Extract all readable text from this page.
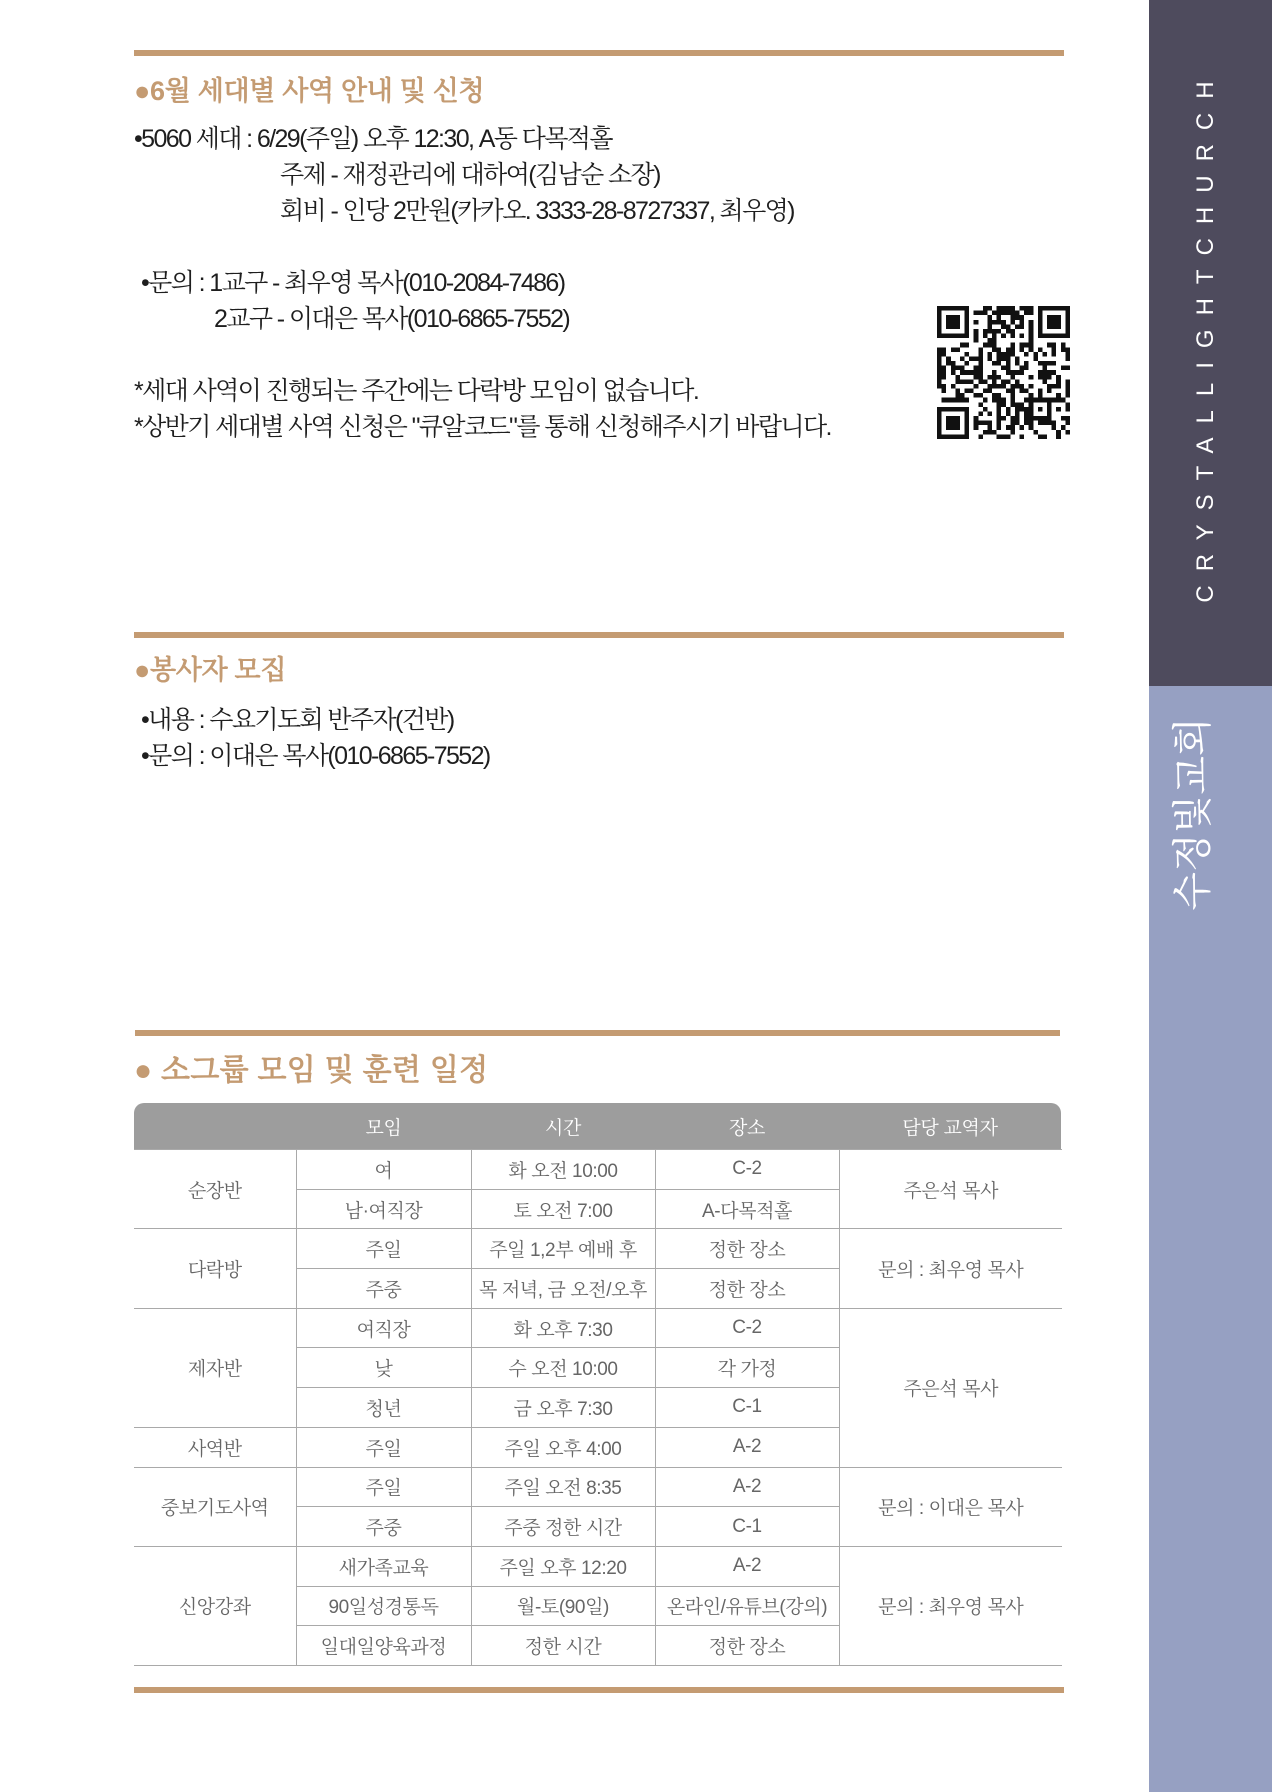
●6월 세대별 사역 안내 및 신청
•5060 세대 : 6/29(주일) 오후 12:30, A동 다목적홀
주제 - 재정관리에 대하여(김남순 소장)
회비 - 인당 2만원(카카오. 3333-28-8727337, 최우영)
•문의 : 1교구 - 최우영 목사(010-2084-7486)
2교구 - 이대은 목사(010-6865-7552)
*세대 사역이 진행되는 주간에는 다락방 모임이 없습니다.
*상반기 세대별 사역 신청은 "큐알코드"를 통해 신청해주시기 바랍니다.
●봉사자 모집
•내용 : 수요기도회 반주자(건반)
•문의 : 이대은 목사(010-6865-7552)
● 소그룹 모임 및 훈련 일정
모임	시간	장소	담당 교역자
순장반	여	화 오전 10:00	C-2	주은석 목사
	남·여직장	토 오전 7:00	A-다목적홀	
다락방	주일	주일 1,2부 예배 후	정한 장소	문의 : 최우영 목사
	주중	목 저녁, 금 오전/오후	정한 장소	
제자반	여직장	화 오후 7:30	C-2	주은석 목사
	낮	수 오전 10:00	각 가정	
	청년	금 오후 7:30	C-1	
사역반	주일	주일 오후 4:00	A-2	
중보기도사역	주일	주일 오전 8:35	A-2	문의 : 이대은 목사
	주중	주중 정한 시간	C-1	
신앙강좌	새가족교육	주일 오후 12:20	A-2	문의 : 최우영 목사
	90일성경통독	월-토(90일)	온라인/유튜브(강의)	
	일대일양육과정	정한 시간	정한 장소	
CRYSTALLIGHTCHURCH
수정빛교회
